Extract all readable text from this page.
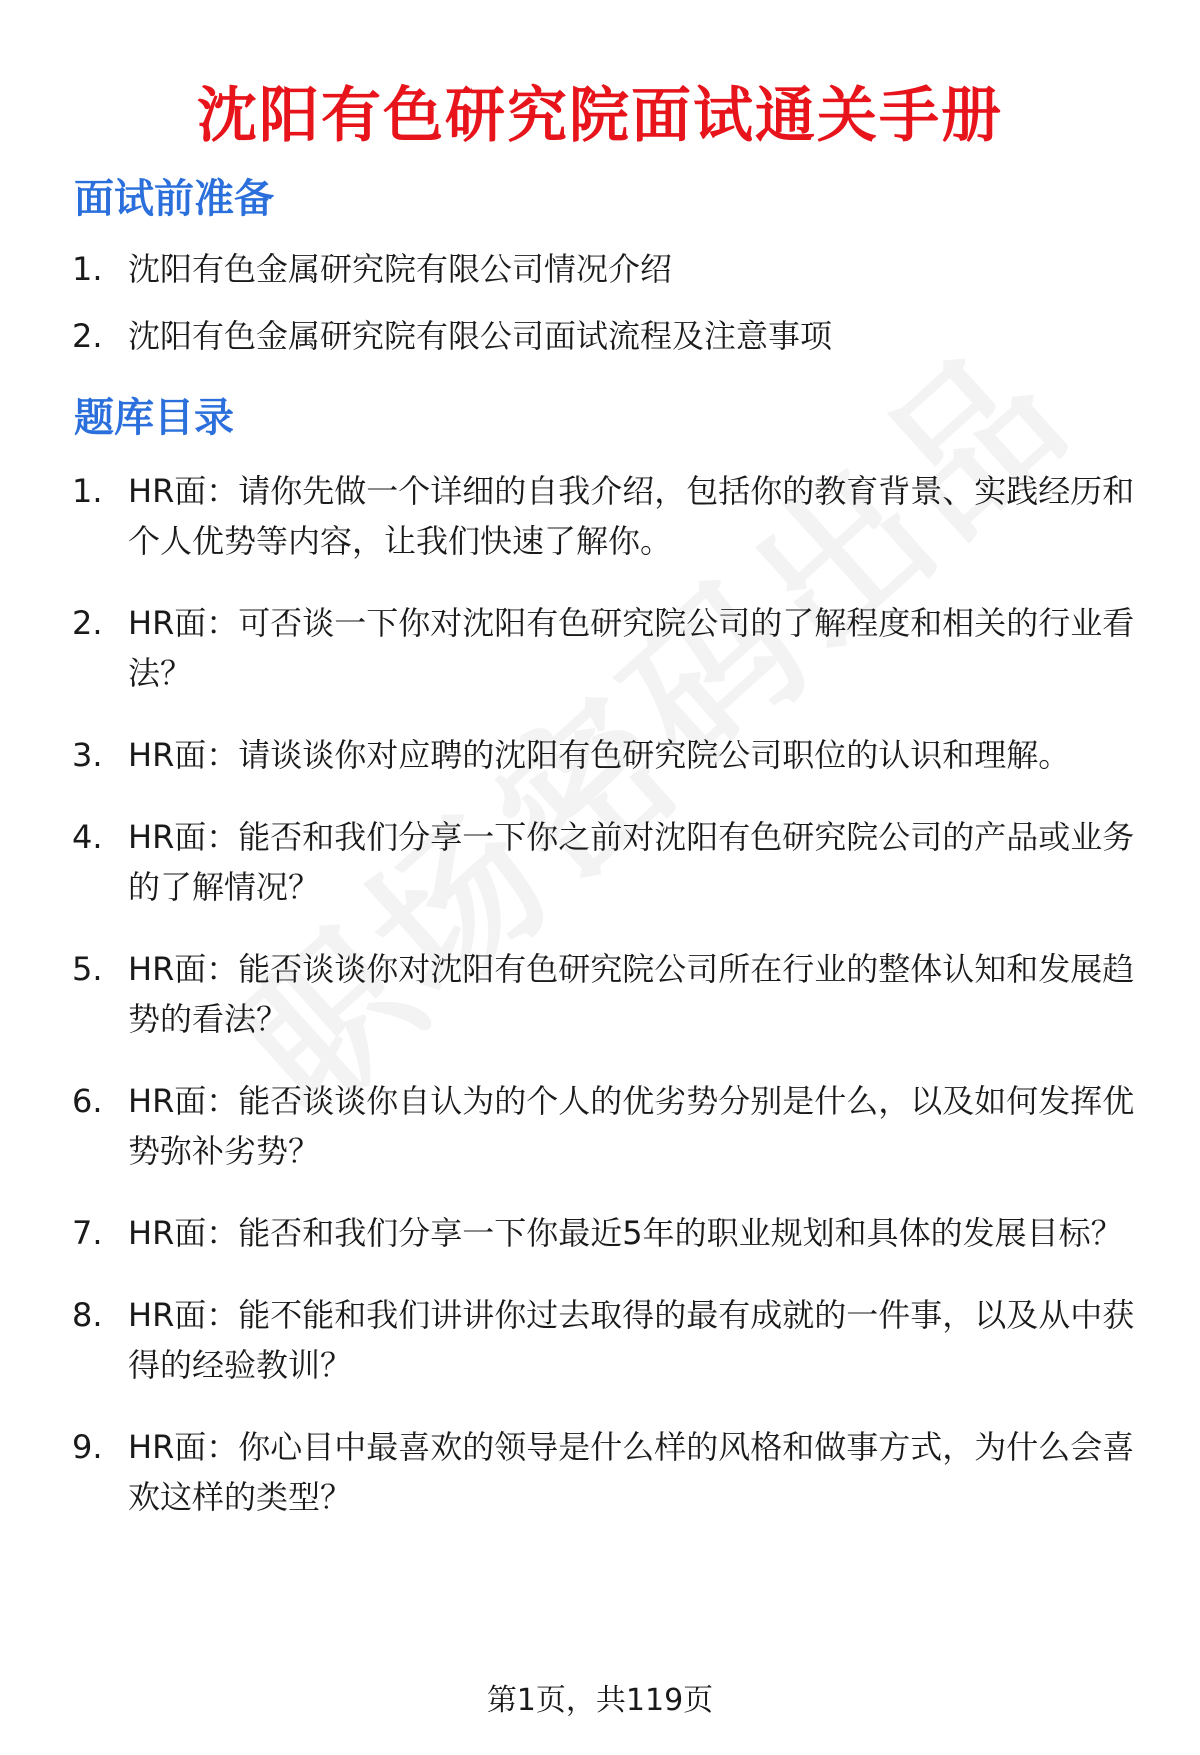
沈阳有色研究院面试通关手册
面试前准备
1. 沈阳有色金属研究院有限公司情况介绍
2. 沈阳有色金属研究院有限公司面试流程及注意事项
题库目录
1. HR面：请你先做一个详细的自我介绍，包括你的教育背景、实践经历和个人优势等内容，让我们快速了解你。
2. HR面：可否谈一下你对沈阳有色研究院公司的了解程度和相关的行业看法？
3. HR面：请谈谈你对应聘的沈阳有色研究院公司职位的认识和理解。
4. HR面：能否和我们分享一下你之前对沈阳有色研究院公司的产品或业务的了解情况？
5. HR面：能否谈谈你对沈阳有色研究院公司所在行业的整体认知和发展趋势的看法？
6. HR面：能否谈谈你自认为的个人的优劣势分别是什么，以及如何发挥优势弥补劣势？
7. HR面：能否和我们分享一下你最近5年的职业规划和具体的发展目标？
8. HR面：能不能和我们讲讲你过去取得的最有成就的一件事，以及从中获得的经验教训？
9. HR面：你心目中最喜欢的领导是什么样的风格和做事方式，为什么会喜欢这样的类型？
第1页，共119页
